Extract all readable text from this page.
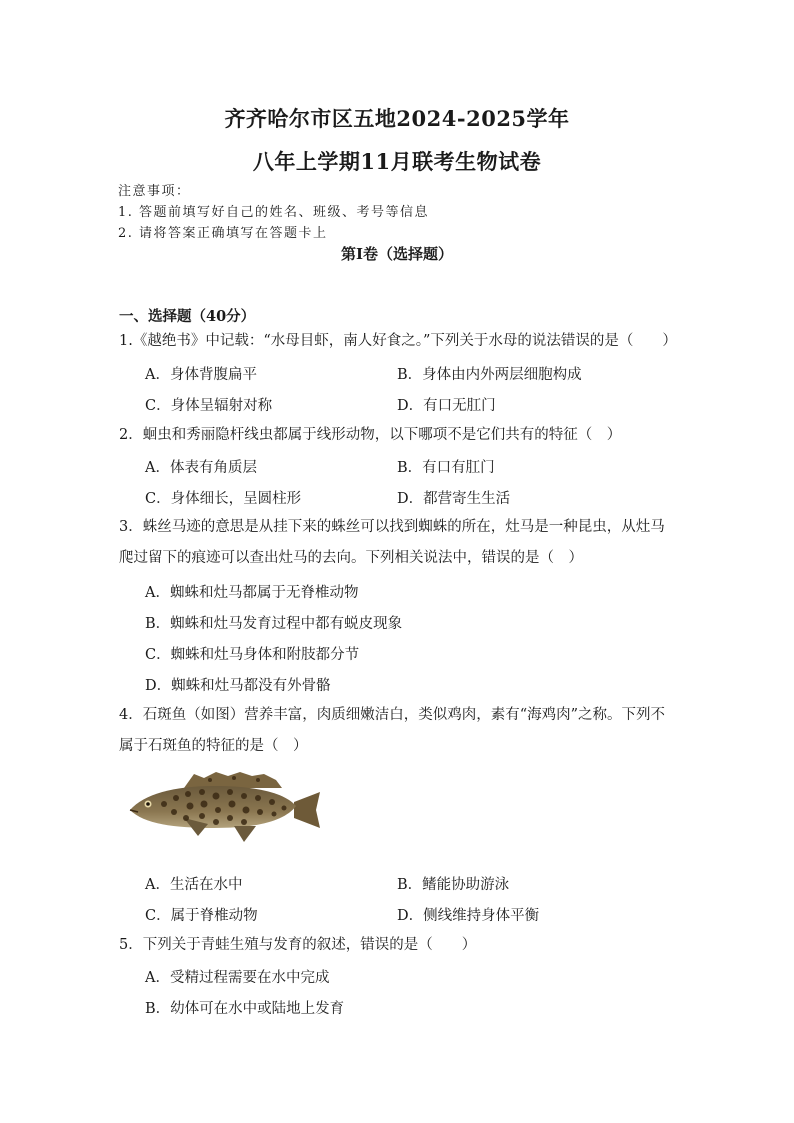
齐齐哈尔市区五地2024-2025学年
八年上学期11月联考生物试卷
注意事项：
1. 答题前填写好自己的姓名、班级、考号等信息
2. 请将答案正确填写在答题卡上
第I卷（选择题）
一、选择题（40分）
1.《越绝书》中记载：“水母目虾，南人好食之。”下列关于水母的说法错误的是（　　）
A．身体背腹扁平	B．身体由内外两层细胞构成
C．身体呈辐射对称	D．有口无肛门
2．蛔虫和秀丽隐杆线虫都属于线形动物，以下哪项不是它们共有的特征（　）
A．体表有角质层	B．有口有肛门
C．身体细长，呈圆柱形	D．都营寄生生活
3．蛛丝马迹的意思是从挂下来的蛛丝可以找到蜘蛛的所在，灶马是一种昆虫，从灶马爬过留下的痕迹可以查出灶马的去向。下列相关说法中，错误的是（　）
A．蜘蛛和灶马都属于无脊椎动物
B．蜘蛛和灶马发育过程中都有蜕皮现象
C．蜘蛛和灶马身体和附肢都分节
D．蜘蛛和灶马都没有外骨骼
4．石斑鱼（如图）营养丰富，肉质细嫩洁白，类似鸡肉，素有“海鸡肉”之称。下列不属于石斑鱼的特征的是（　）
A．生活在水中	B．鳍能协助游泳
C．属于脊椎动物	D．侧线维持身体平衡
5．下列关于青蛙生殖与发育的叙述，错误的是（　　）
A．受精过程需要在水中完成
B．幼体可在水中或陆地上发育
